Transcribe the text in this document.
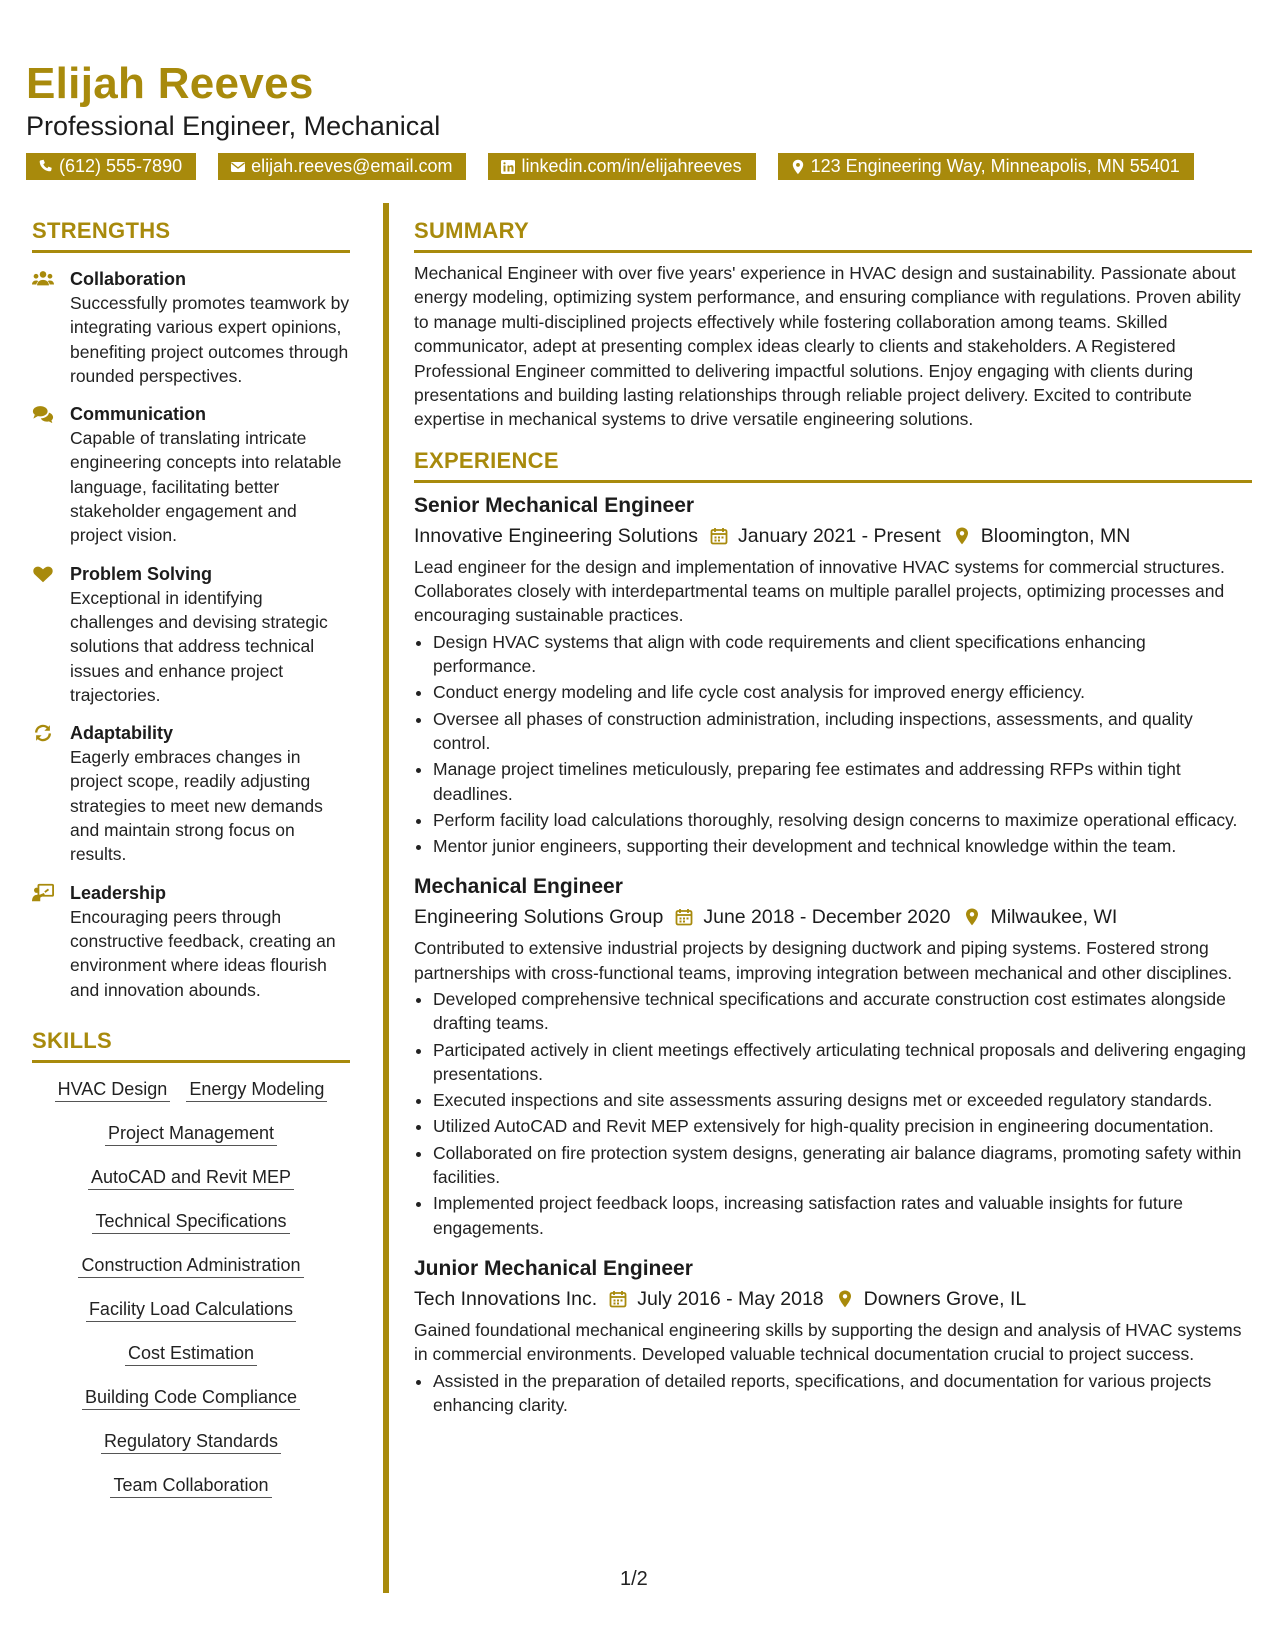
Elijah Reeves
Professional Engineer, Mechanical
(612) 555-7890	elijah.reeves@email.com	linkedin.com/in/elijahreeves	123 Engineering Way, Minneapolis, MN 55401
STRENGTHS
Collaboration
Successfully promotes teamwork by integrating various expert opinions, benefiting project outcomes through rounded perspectives.
Communication
Capable of translating intricate engineering concepts into relatable language, facilitating better stakeholder engagement and project vision.
Problem Solving
Exceptional in identifying challenges and devising strategic solutions that address technical issues and enhance project trajectories.
Adaptability
Eagerly embraces changes in project scope, readily adjusting strategies to meet new demands and maintain strong focus on results.
Leadership
Encouraging peers through constructive feedback, creating an environment where ideas flourish and innovation abounds.
SKILLS
HVAC Design Energy Modeling
Project Management
AutoCAD and Revit MEP
Technical Specifications
Construction Administration
Facility Load Calculations
Cost Estimation
Building Code Compliance
Regulatory Standards
Team Collaboration
SUMMARY
Mechanical Engineer with over five years' experience in HVAC design and sustainability. Passionate about energy modeling, optimizing system performance, and ensuring compliance with regulations. Proven ability to manage multi-disciplined projects effectively while fostering collaboration among teams. Skilled communicator, adept at presenting complex ideas clearly to clients and stakeholders. A Registered Professional Engineer committed to delivering impactful solutions. Enjoy engaging with clients during presentations and building lasting relationships through reliable project delivery. Excited to contribute expertise in mechanical systems to drive versatile engineering solutions.
EXPERIENCE
Senior Mechanical Engineer
Innovative Engineering Solutions January 2021 - Present Bloomington, MN
Lead engineer for the design and implementation of innovative HVAC systems for commercial structures. Collaborates closely with interdepartmental teams on multiple parallel projects, optimizing processes and encouraging sustainable practices.
• Design HVAC systems that align with code requirements and client specifications enhancing performance.
• Conduct energy modeling and life cycle cost analysis for improved energy efficiency.
• Oversee all phases of construction administration, including inspections, assessments, and quality control.
• Manage project timelines meticulously, preparing fee estimates and addressing RFPs within tight deadlines.
• Perform facility load calculations thoroughly, resolving design concerns to maximize operational efficacy.
• Mentor junior engineers, supporting their development and technical knowledge within the team.
Mechanical Engineer
Engineering Solutions Group June 2018 - December 2020 Milwaukee, WI
Contributed to extensive industrial projects by designing ductwork and piping systems. Fostered strong partnerships with cross-functional teams, improving integration between mechanical and other disciplines.
• Developed comprehensive technical specifications and accurate construction cost estimates alongside drafting teams.
• Participated actively in client meetings effectively articulating technical proposals and delivering engaging presentations.
• Executed inspections and site assessments assuring designs met or exceeded regulatory standards.
• Utilized AutoCAD and Revit MEP extensively for high-quality precision in engineering documentation.
• Collaborated on fire protection system designs, generating air balance diagrams, promoting safety within facilities.
• Implemented project feedback loops, increasing satisfaction rates and valuable insights for future engagements.
Junior Mechanical Engineer
Tech Innovations Inc. July 2016 - May 2018 Downers Grove, IL
Gained foundational mechanical engineering skills by supporting the design and analysis of HVAC systems in commercial environments. Developed valuable technical documentation crucial to project success.
• Assisted in the preparation of detailed reports, specifications, and documentation for various projects enhancing clarity.
1/2
